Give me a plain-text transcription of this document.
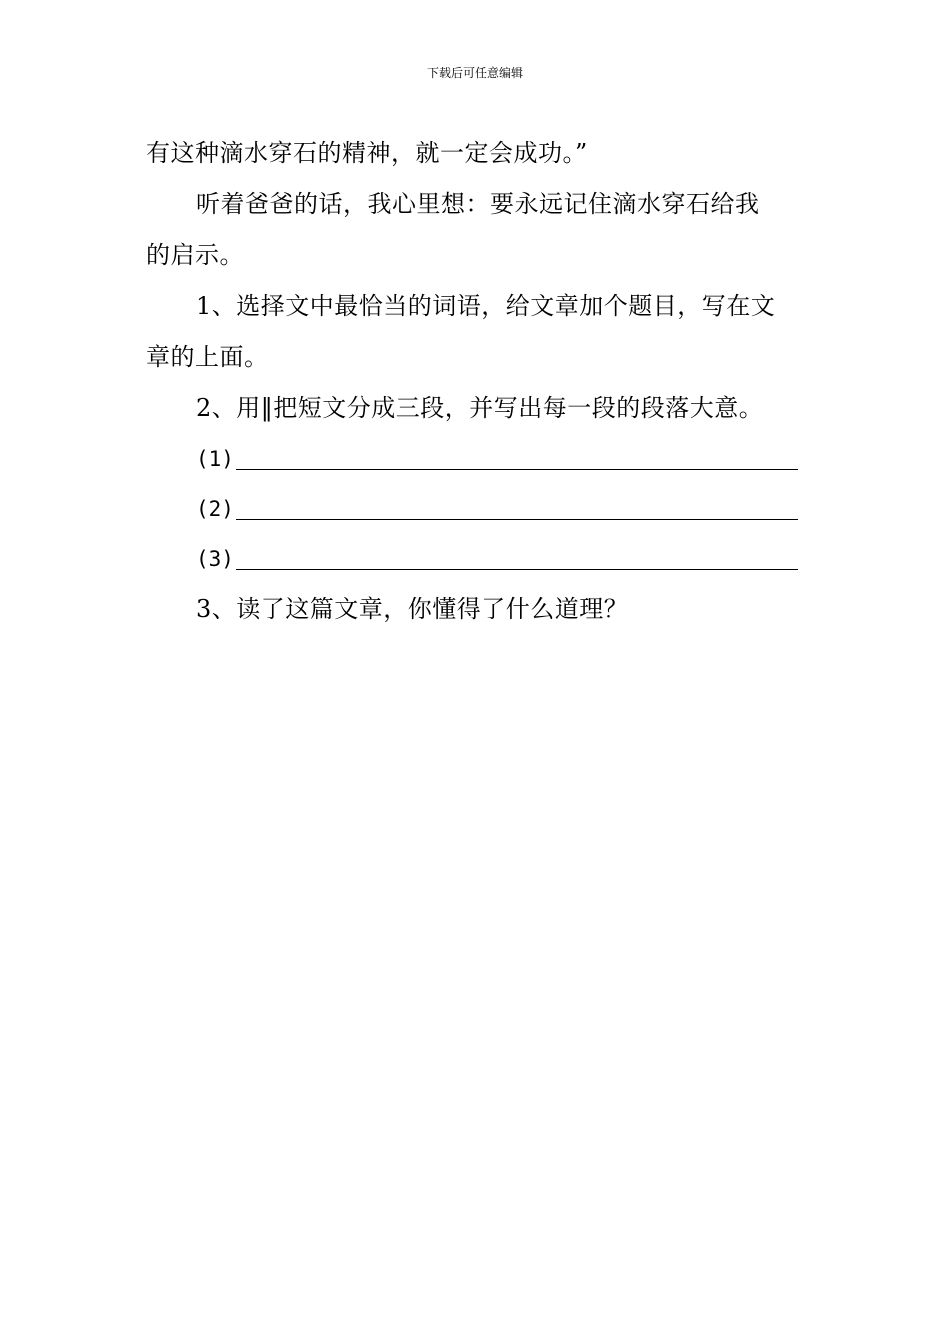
下载后可任意编辑

有这种滴水穿石的精神，就一定会成功。”

听着爸爸的话，我心里想：要永远记住滴水穿石给我

的启示。

1、选择文中最恰当的词语，给文章加个题目，写在文

章的上面。

2、用‖把短文分成三段，并写出每一段的段落大意。

(1)
(2)
(3)

3、读了这篇文章，你懂得了什么道理？
